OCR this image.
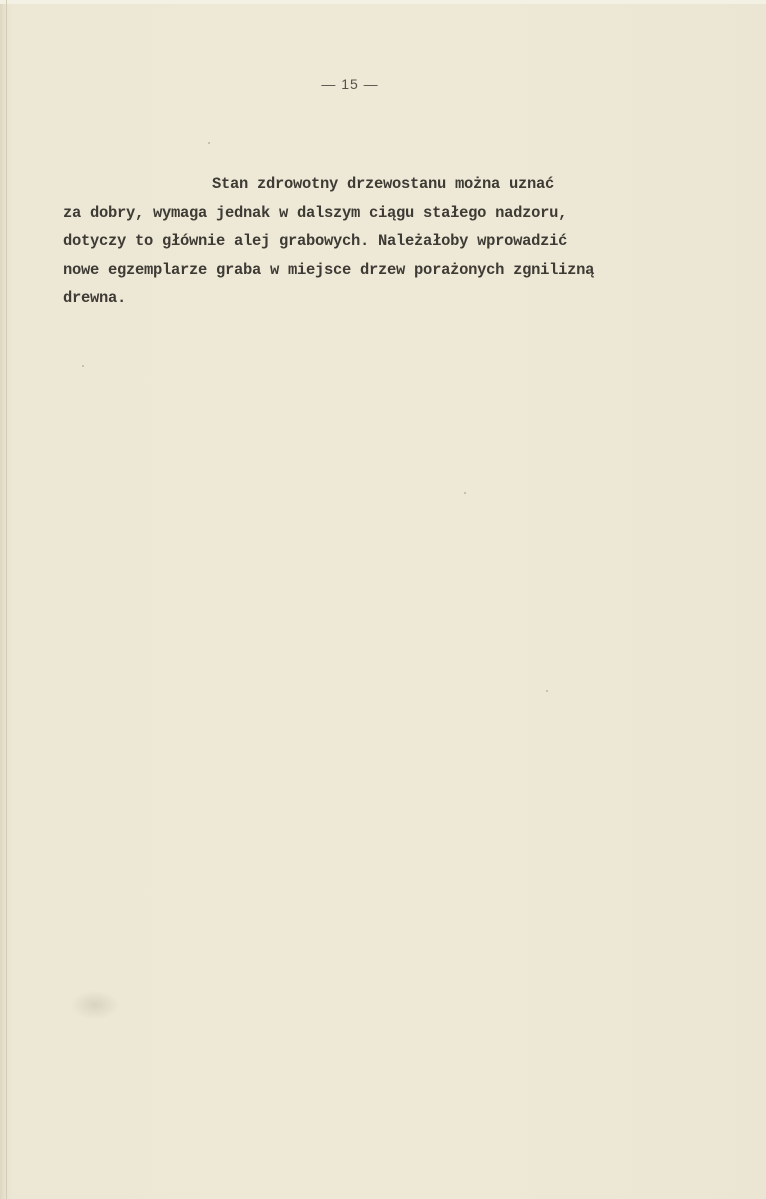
— 15 —

Stan zdrowotny drzewostanu można uznać
za dobry, wymaga jednak w dalszym ciągu stałego nadzoru,
dotyczy to głównie alej grabowych. Należałoby wprowadzić
nowe egzemplarze graba w miejsce drzew porażonych zgnilizną
drewna.
